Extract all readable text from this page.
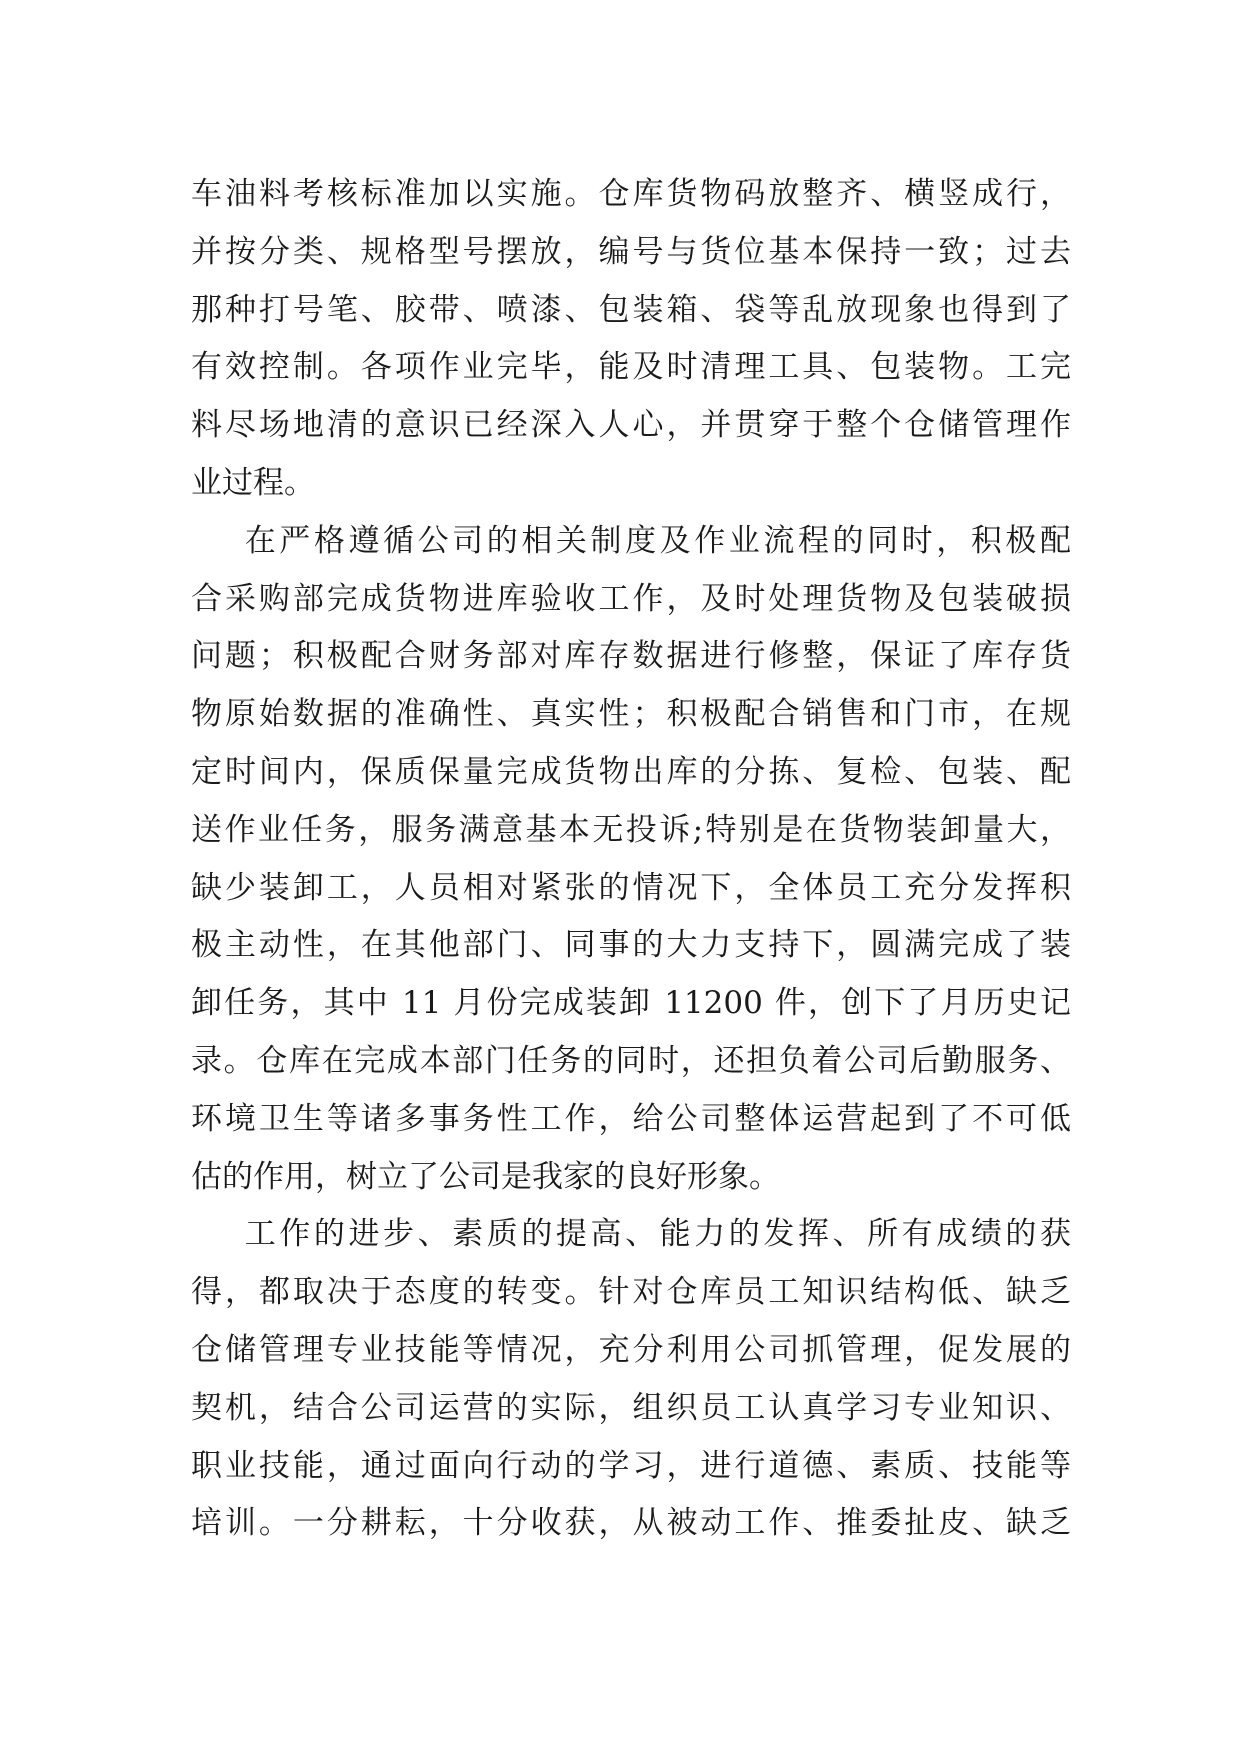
车油料考核标准加以实施。仓库货物码放整齐、横竖成行，
并按分类、规格型号摆放，编号与货位基本保持一致；过去
那种打号笔、胶带、喷漆、包装箱、袋等乱放现象也得到了
有效控制。各项作业完毕，能及时清理工具、包装物。工完
料尽场地清的意识已经深入人心，并贯穿于整个仓储管理作
业过程。
在严格遵循公司的相关制度及作业流程的同时，积极配
合采购部完成货物进库验收工作，及时处理货物及包装破损
问题；积极配合财务部对库存数据进行修整，保证了库存货
物原始数据的准确性、真实性；积极配合销售和门市，在规
定时间内，保质保量完成货物出库的分拣、复检、包装、配
送作业任务，服务满意基本无投诉;特别是在货物装卸量大，
缺少装卸工，人员相对紧张的情况下，全体员工充分发挥积
极主动性，在其他部门、同事的大力支持下，圆满完成了装
卸任务，其中 11 月份完成装卸 11200 件，创下了月历史记
录。仓库在完成本部门任务的同时，还担负着公司后勤服务、
环境卫生等诸多事务性工作，给公司整体运营起到了不可低
估的作用，树立了公司是我家的良好形象。
工作的进步、素质的提高、能力的发挥、所有成绩的获
得，都取决于态度的转变。针对仓库员工知识结构低、缺乏
仓储管理专业技能等情况，充分利用公司抓管理，促发展的
契机，结合公司运营的实际，组织员工认真学习专业知识、
职业技能，通过面向行动的学习，进行道德、素质、技能等
培训。一分耕耘，十分收获，从被动工作、推委扯皮、缺乏
